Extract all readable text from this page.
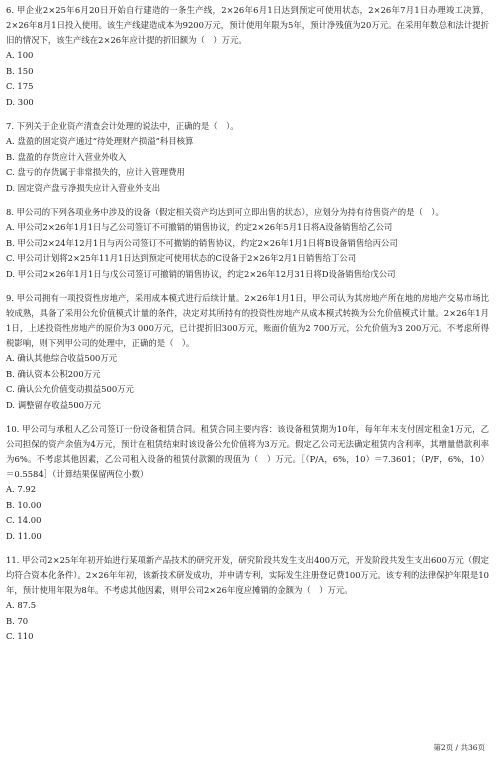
6. 甲企业2×25年6月20日开始自行建造的一条生产线，2×26年6月1日达到预定可使用状态，2×26年7月1日办理竣工决算，2×26年8月1日投入使用。该生产线建造成本为9200万元，预计使用年限为5年，预计净残值为20万元。在采用年数总和法计提折旧的情况下，该生产线在2×26年应计提的折旧额为（　）万元。

A. 100
B. 150
C. 175
D. 300

7. 下列关于企业资产清查会计处理的说法中，正确的是（　）。

A. 盘盈的固定资产通过“待处理财产损溢”科目核算
B. 盘盈的存货应计入营业外收入
C. 盘亏的存货属于非常损失的，应计入管理费用
D. 固定资产盘亏净损失应计入营业外支出

8. 甲公司的下列各项业务中涉及的设备（假定相关资产均达到可立即出售的状态），应划分为持有待售资产的是（　）。

A. 甲公司2×26年1月1日与乙公司签订不可撤销的销售协议，约定2×26年5月1日将A设备销售给乙公司
B. 甲公司2×24年12月1日与丙公司签订不可撤销的销售协议，约定2×26年1月1日将B设备销售给丙公司
C. 甲公司计划将2×25年11月1日达到预定可使用状态的C设备于2×26年2月1日销售给丁公司
D. 甲公司2×26年1月1日与戊公司签订可撤销的销售协议，约定2×26年12月31日将D设备销售给戊公司

9. 甲公司拥有一项投资性房地产，采用成本模式进行后续计量。2×26年1月1日，甲公司认为其房地产所在地的房地产交易市场比较成熟，具备了采用公允价值模式计量的条件，决定对其所持有的投资性房地产从成本模式转换为公允价值模式计量。2×26年1月1日，上述投资性房地产的原价为3 000万元，已计提折旧300万元，账面价值为2 700万元，公允价值为3 200万元。不考虑所得税影响，则下列甲公司的处理中，正确的是（　）。

A. 确认其他综合收益500万元
B. 确认资本公积200万元
C. 确认公允价值变动损益500万元
D. 调整留存收益500万元

10. 甲公司与承租人乙公司签订一份设备租赁合同。租赁合同主要内容：该设备租赁期为10年，每年年末支付固定租金1万元，乙公司担保的资产余值为4万元，预计在租赁结束时该设备公允价值将为3万元。假定乙公司无法确定租赁内含利率，其增量借款利率为6%。不考虑其他因素，乙公司租入设备的租赁付款额的现值为（　）万元。［（P/A，6%，10）＝7.3601；（P/F，6%，10）＝0.5584］（计算结果保留两位小数）

A. 7.92
B. 10.00
C. 14.00
D. 11.00

11. 甲公司2×25年年初开始进行某项新产品技术的研究开发，研究阶段共发生支出400万元，开发阶段共发生支出600万元（假定均符合资本化条件）。2×26年年初，该新技术研发成功，并申请专利，实际发生注册登记费100万元。该专利的法律保护年限是10年，预计使用年限为8年。不考虑其他因素，则甲公司2×26年度应摊销的金额为（　）万元。

A. 87.5
B. 70
C. 110
第2页 / 共36页
